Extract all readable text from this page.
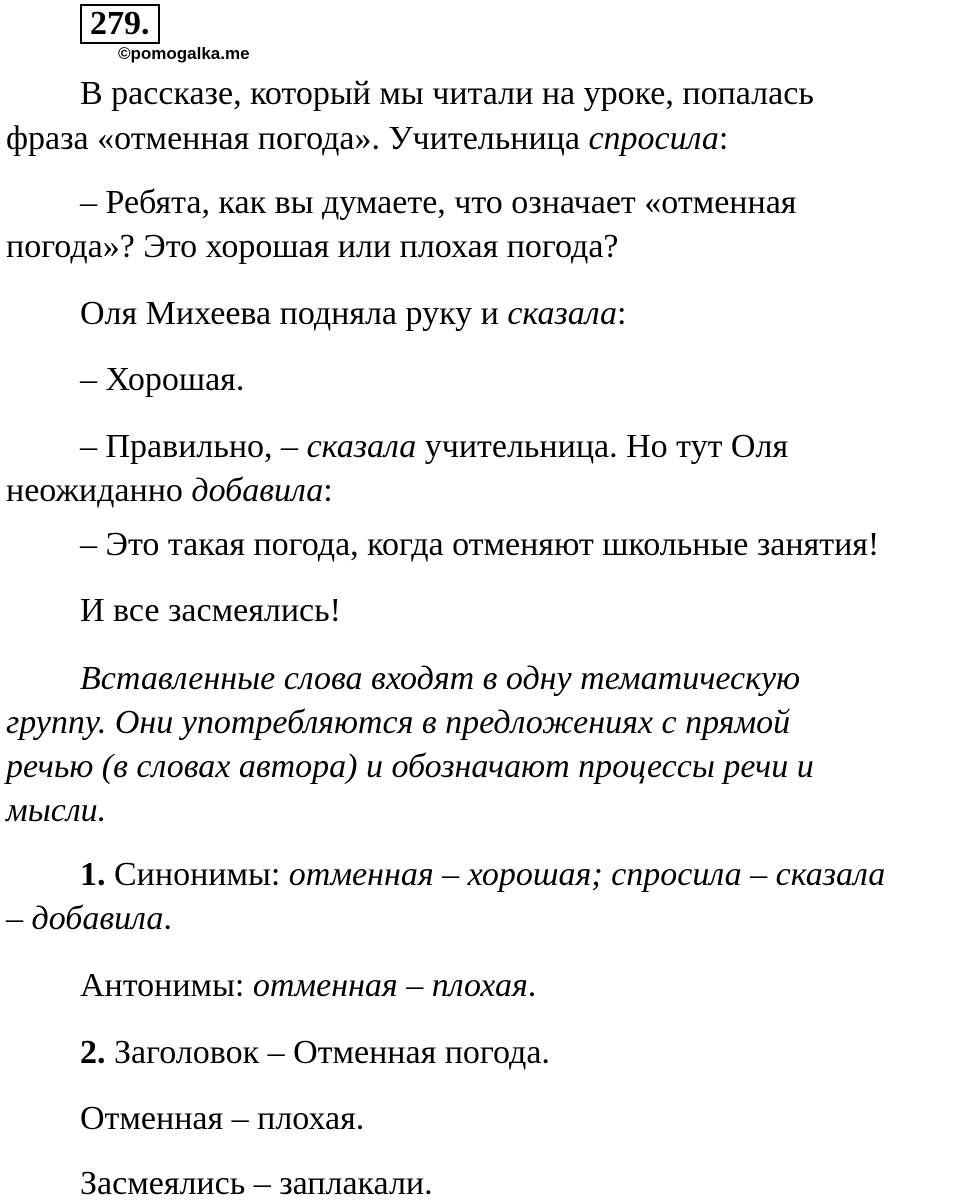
279.
©pomogalka.me
В рассказе, который мы читали на уроке, попалась
фраза «отменная погода». Учительница спросила:
– Ребята, как вы думаете, что означает «отменная
погода»? Это хорошая или плохая погода?
Оля Михеева подняла руку и сказала:
– Хорошая.
– Правильно, – сказала учительница. Но тут Оля
неожиданно добавила:
– Это такая погода, когда отменяют школьные занятия!
И все засмеялись!
Вставленные слова входят в одну тематическую
группу. Они употребляются в предложениях с прямой
речью (в словах автора) и обозначают процессы речи и
мысли.
1. Синонимы: отменная – хорошая; спросила – сказала
– добавила.
Антонимы: отменная – плохая.
2. Заголовок – Отменная погода.
Отменная – плохая.
Засмеялись – заплакали.
